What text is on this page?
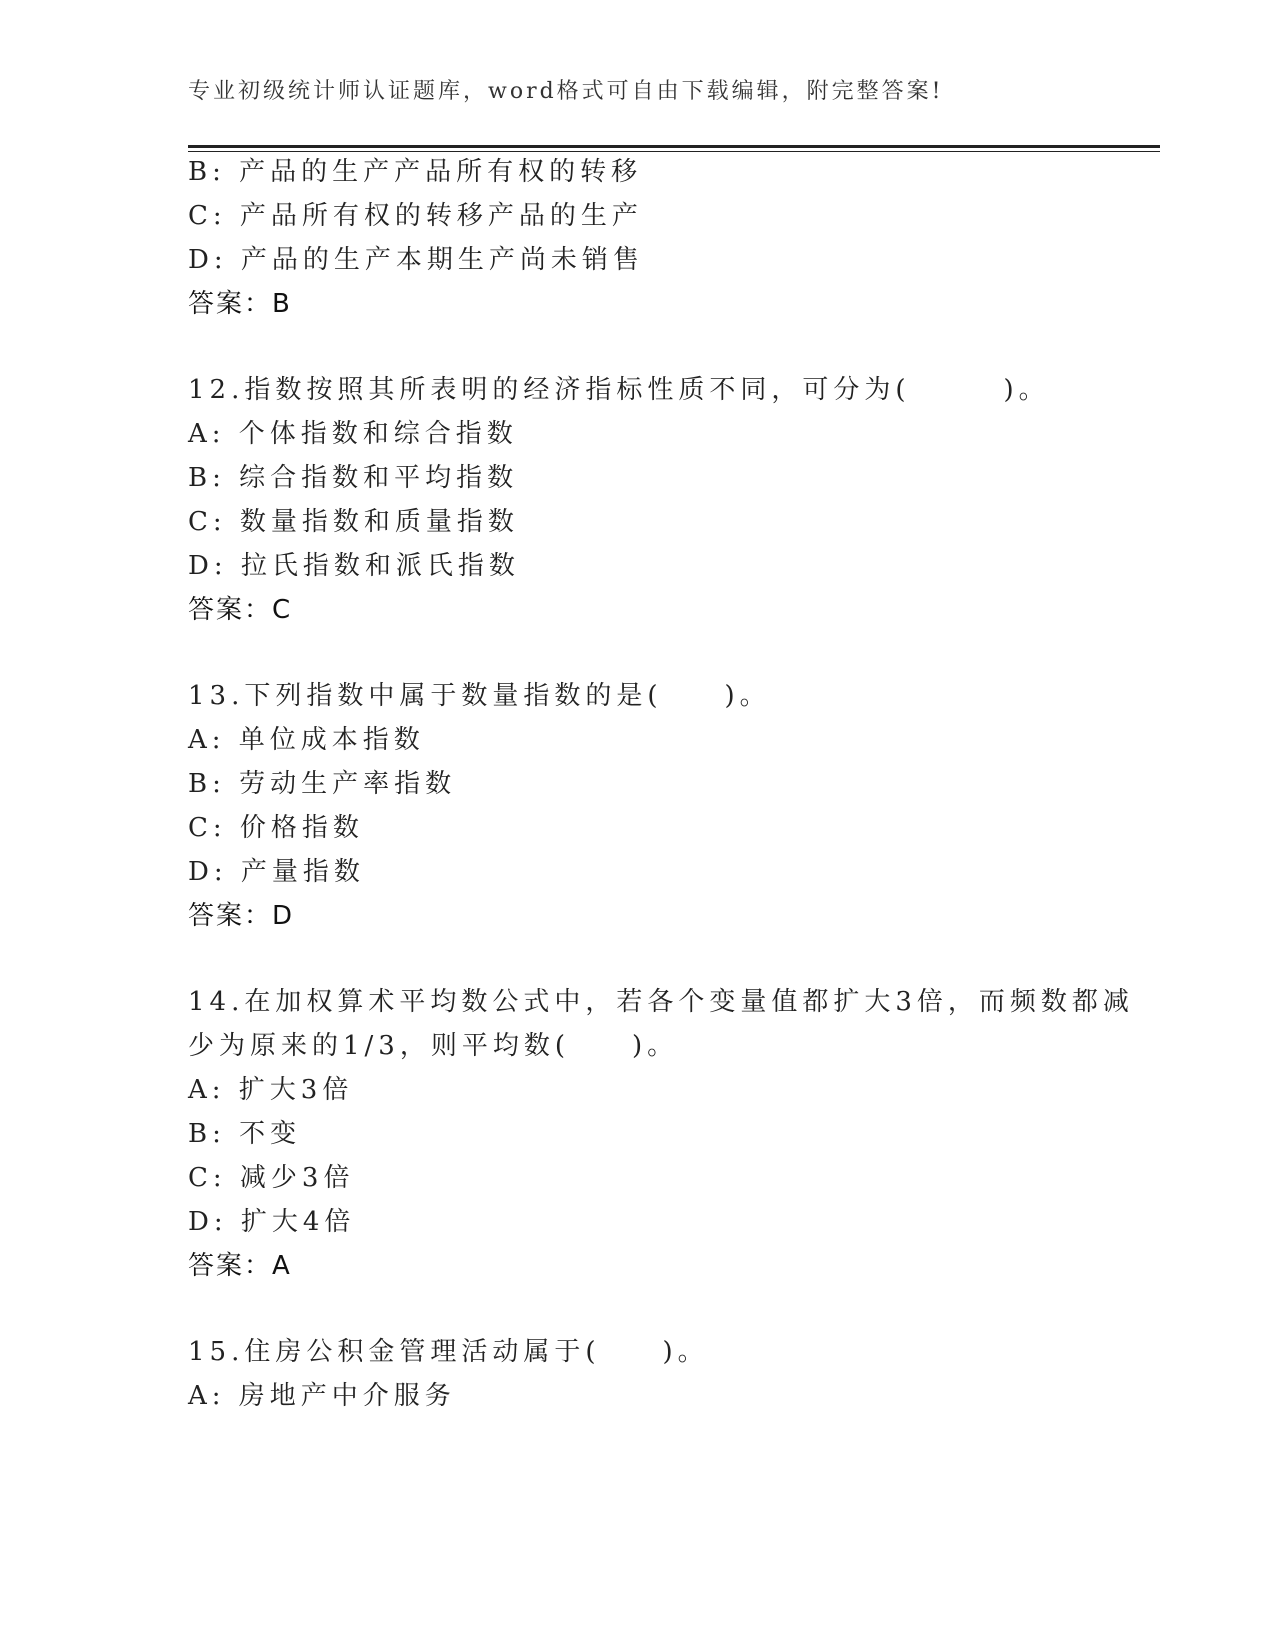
专业初级统计师认证题库，word格式可自由下载编辑，附完整答案!
B: 产品的生产产品所有权的转移
C: 产品所有权的转移产品的生产
D: 产品的生产本期生产尚未销售
答案：B
12.指数按照其所表明的经济指标性质不同，可分为(　　　)。
A: 个体指数和综合指数
B: 综合指数和平均指数
C: 数量指数和质量指数
D: 拉氏指数和派氏指数
答案：C
13.下列指数中属于数量指数的是(　　)。
A: 单位成本指数
B: 劳动生产率指数
C: 价格指数
D: 产量指数
答案：D
14.在加权算术平均数公式中，若各个变量值都扩大3倍，而频数都减
少为原来的1/3，则平均数(　　)。
A: 扩大3倍
B: 不变
C: 减少3倍
D: 扩大4倍
答案：A
15.住房公积金管理活动属于(　　)。
A: 房地产中介服务
